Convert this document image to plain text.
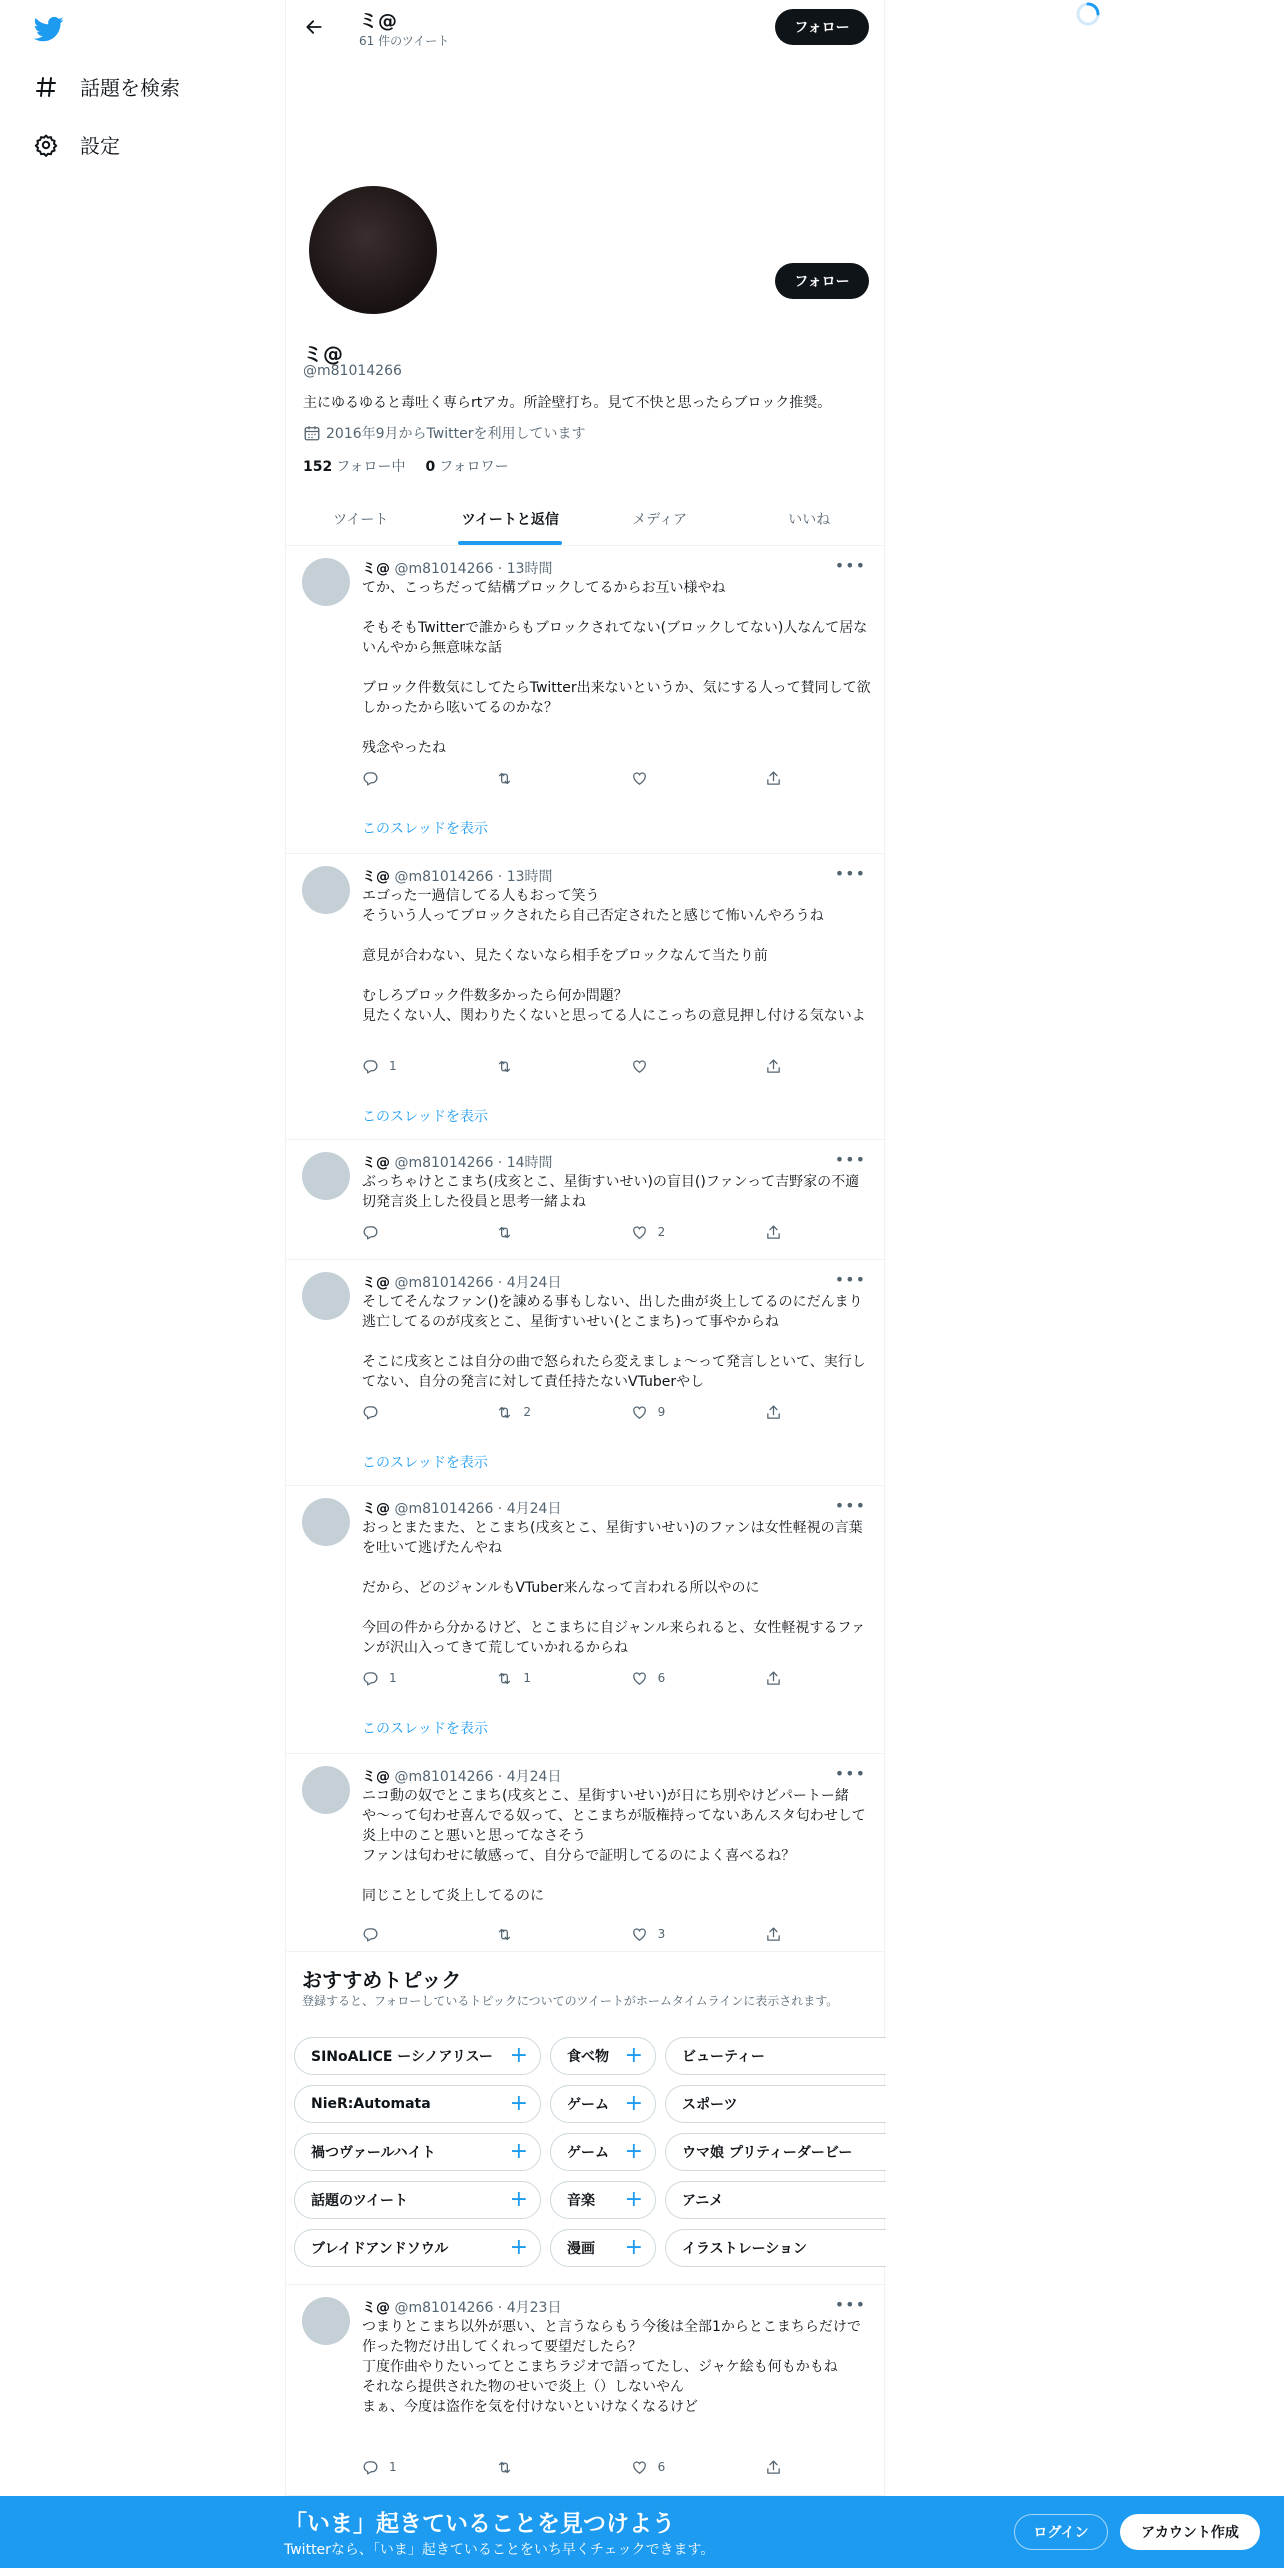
話題を検索
設定
ミ@
61 件のツイート
フォロー
フォロー
ミ@
@m81014266
主にゆるゆると毒吐く専らrtアカ。所詮壁打ち。見て不快と思ったらブロック推奨。
2016年9月からTwitterを利用しています
152 フォロー中 0 フォロワー
ツイート	ツイートと返信	メディア	いいね
ミ@ @m81014266 · 13時間	•••
てか、こっちだって結構ブロックしてるからお互い様やね

そもそもTwitterで誰からもブロックされてない(ブロックしてない)人なんて居ないんやから無意味な話

ブロック件数気にしてたらTwitter出来ないというか、気にする人って賛同して欲しかったから呟いてるのかな？

残念やったね
このスレッドを表示
ミ@ @m81014266 · 13時間	•••
エゴった一過信してる人もおって笑う
そういう人ってブロックされたら自己否定されたと感じて怖いんやろうね

意見が合わない、見たくないなら相手をブロックなんて当たり前

むしろブロック件数多かったら何か問題？
見たくない人、関わりたくないと思ってる人にこっちの意見押し付ける気ないよ
1
このスレッドを表示
ミ@ @m81014266 · 14時間	•••
ぶっちゃけとこまち(戌亥とこ、星街すいせい)の盲目()ファンって吉野家の不適切発言炎上した役員と思考一緒よね
2
ミ@ @m81014266 · 4月24日	•••
そしてそんなファン()を諌める事もしない、出した曲が炎上してるのにだんまり逃亡してるのが戌亥とこ、星街すいせい(とこまち)って事やからね

そこに戌亥とこは自分の曲で怒られたら変えましょ〜って発言しといて、実行してない、自分の発言に対して責任持たないVTuberやし
2	9
このスレッドを表示
ミ@ @m81014266 · 4月24日	•••
おっとまたまた、とこまち(戌亥とこ、星街すいせい)のファンは女性軽視の言葉を吐いて逃げたんやね

だから、どのジャンルもVTuber来んなって言われる所以やのに

今回の件から分かるけど、とこまちに自ジャンル来られると、女性軽視するファンが沢山入ってきて荒していかれるからね
1	1	6
このスレッドを表示
ミ@ @m81014266 · 4月24日	•••
ニコ動の奴でとこまち(戌亥とこ、星街すいせい)が日にち別やけどパートー緒や〜って匂わせ喜んでる奴って、とこまちが版権持ってないあんスタ匂わせして炎上中のこと悪いと思ってなさそう
ファンは匂わせに敏感って、自分らで証明してるのによく喜べるね？

同じことして炎上してるのに
3
ミ@ @m81014266 · 4月23日	•••
つまりとこまち以外が悪い、と言うならもう今後は全部1からとこまちらだけで作った物だけ出してくれって要望だしたら？
丁度作曲やりたいってとこまちラジオで語ってたし、ジャケ絵も何もかもね
それなら提供された物のせいで炎上（）しないやん
まぁ、今度は盗作を気を付けないといけなくなるけど
1	6
おすすめトピック
登録すると、フォローしているトピックについてのツイートがホームタイムラインに表示されます。
SINoALICE ーシノアリスー +	食べ物 +	ビューティー
NieR:Automata	+	ゲーム +	スポーツ
禍つヴァールハイト	+	ゲーム +	ウマ娘 プリティーダービー
話題のツイート	+	音楽 +	アニメ
ブレイドアンドソウル	+	漫画 +	イラストレーション
「いま」起きていることを見つけよう
Twitterなら、「いま」起きていることをいち早くチェックできます。
ログイン	アカウント作成
